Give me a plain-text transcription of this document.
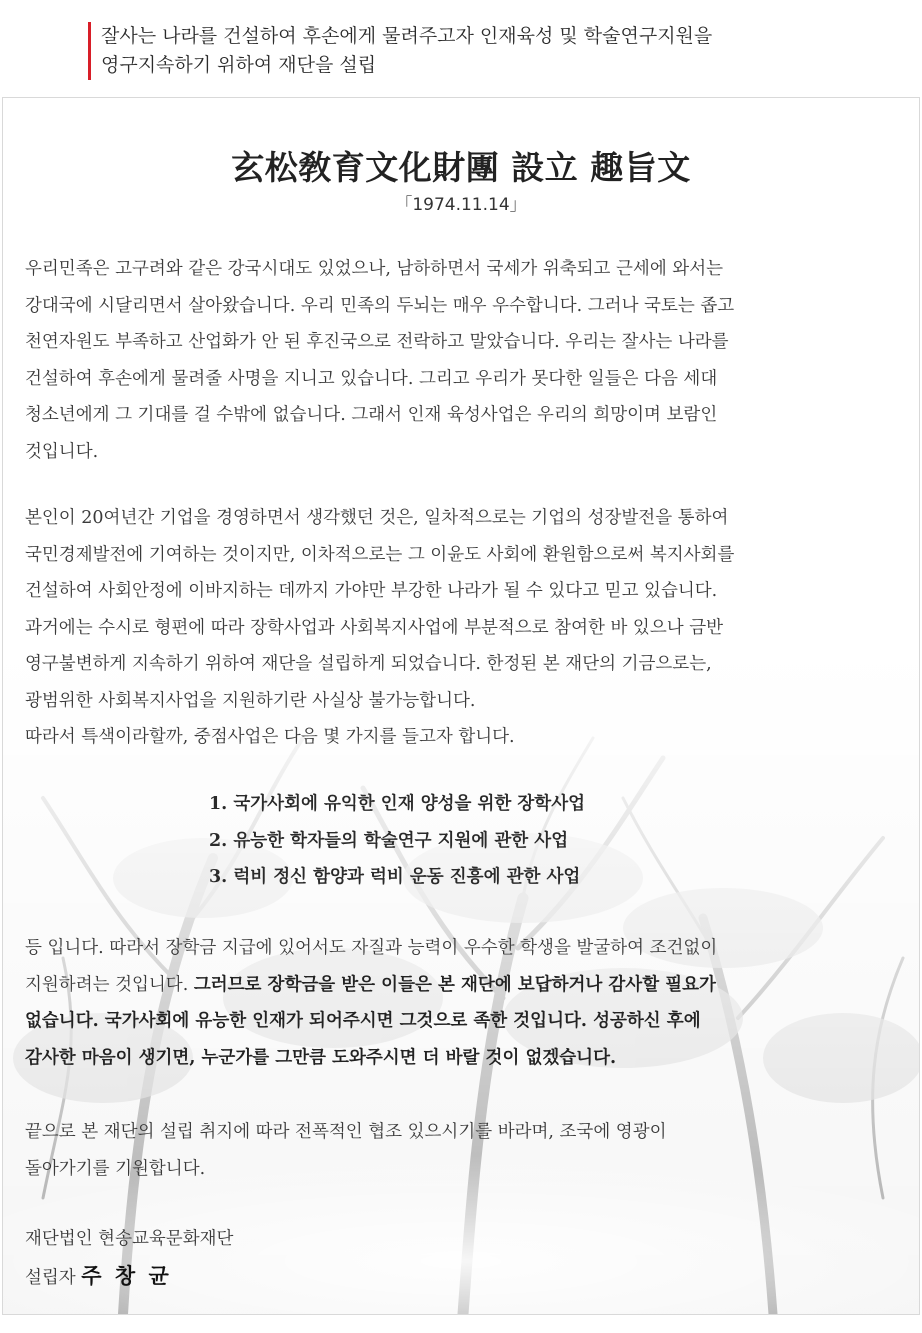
잘사는 나라를 건설하여 후손에게 물려주고자 인재육성 및 학술연구지원을
영구지속하기 위하여 재단을 설립
玄松敎育文化財團 設立 趣旨文
「1974.11.14」
우리민족은 고구려와 같은 강국시대도 있었으나, 남하하면서 국세가 위축되고 근세에 와서는
강대국에 시달리면서 살아왔습니다. 우리 민족의 두뇌는 매우 우수합니다. 그러나 국토는 좁고
천연자원도 부족하고 산업화가 안 된 후진국으로 전락하고 말았습니다. 우리는 잘사는 나라를
건설하여 후손에게 물려줄 사명을 지니고 있습니다. 그리고 우리가 못다한 일들은 다음 세대
청소년에게 그 기대를 걸 수밖에 없습니다. 그래서 인재 육성사업은 우리의 희망이며 보람인
것입니다.
본인이 20여년간 기업을 경영하면서 생각했던 것은, 일차적으로는 기업의 성장발전을 통하여
국민경제발전에 기여하는 것이지만, 이차적으로는 그 이윤도 사회에 환원함으로써 복지사회를
건설하여 사회안정에 이바지하는 데까지 가야만 부강한 나라가 될 수 있다고 믿고 있습니다.
과거에는 수시로 형편에 따라 장학사업과 사회복지사업에 부분적으로 참여한 바 있으나 금반
영구불변하게 지속하기 위하여 재단을 설립하게 되었습니다. 한정된 본 재단의 기금으로는,
광범위한 사회복지사업을 지원하기란 사실상 불가능합니다.
따라서 특색이라할까, 중점사업은 다음 몇 가지를 들고자 합니다.
1. 국가사회에 유익한 인재 양성을 위한 장학사업
2. 유능한 학자들의 학술연구 지원에 관한 사업
3. 럭비 정신 함양과 럭비 운동 진흥에 관한 사업
등 입니다. 따라서 장학금 지급에 있어서도 자질과 능력이 우수한 학생을 발굴하여 조건없이
지원하려는 것입니다. 그러므로 장학금을 받은 이들은 본 재단에 보답하거나 감사할 필요가
없습니다. 국가사회에 유능한 인재가 되어주시면 그것으로 족한 것입니다. 성공하신 후에
감사한 마음이 생기면, 누군가를 그만큼 도와주시면 더 바랄 것이 없겠습니다.
끝으로 본 재단의 설립 취지에 따라 전폭적인 협조 있으시기를 바라며, 조국에 영광이
돌아가기를 기원합니다.
재단법인 현송교육문화재단
설립자 주 창 균
